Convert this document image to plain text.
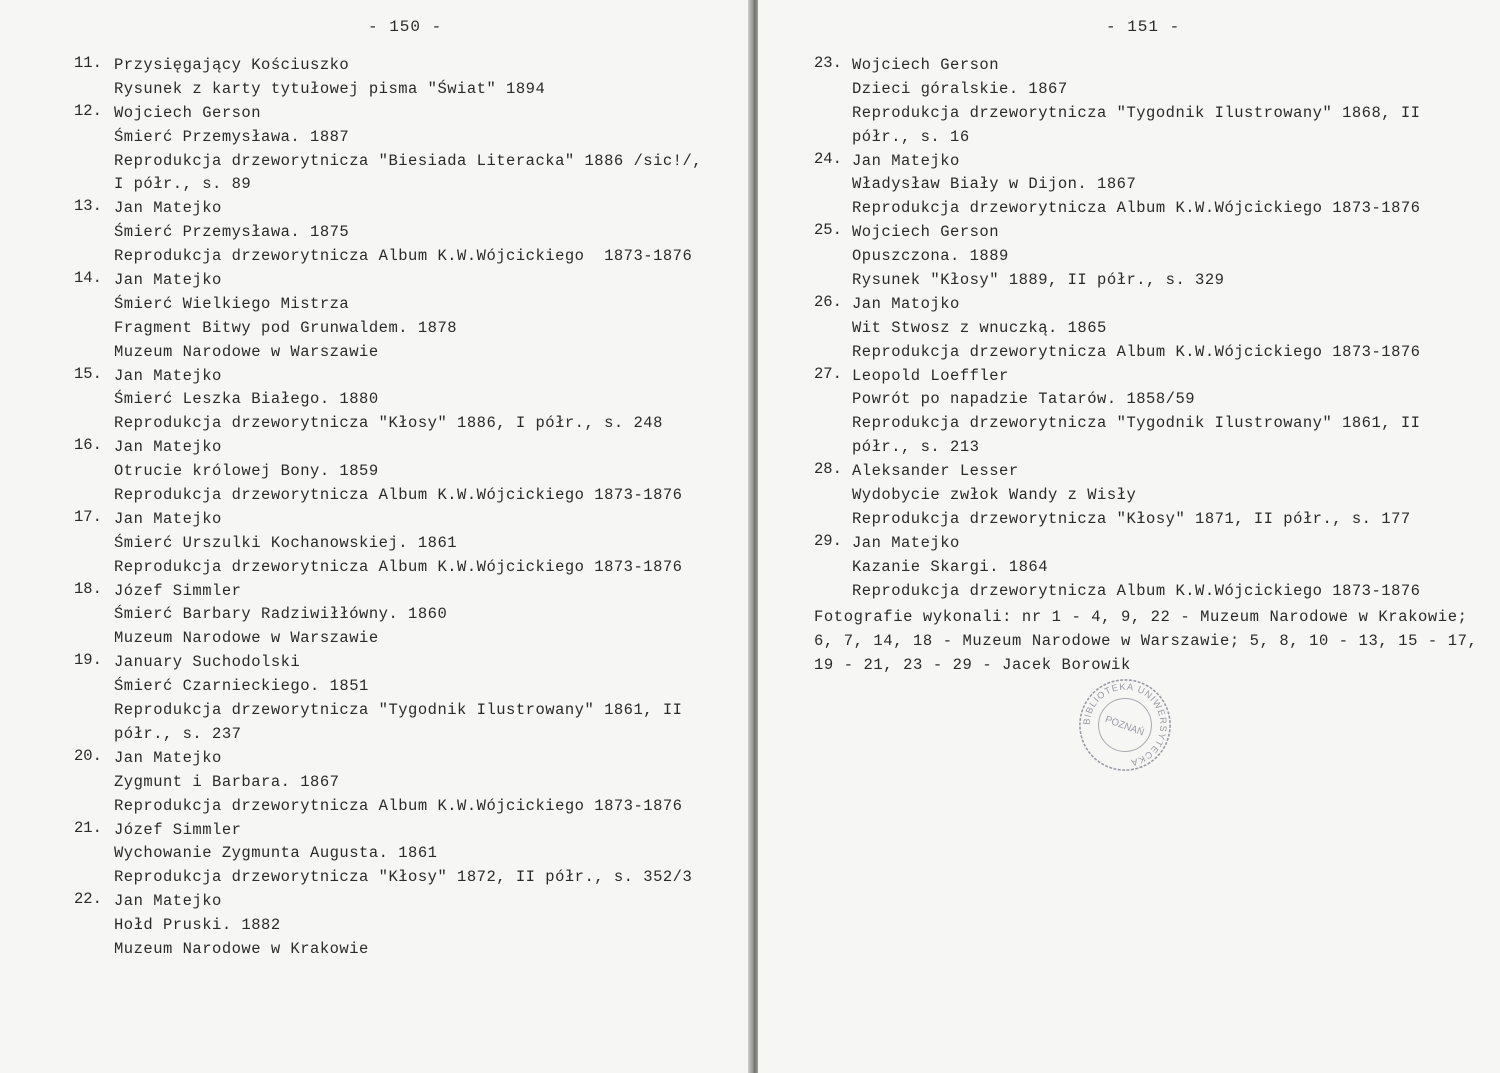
- 150 -
11. Przysięgający Kościuszko
Rysunek z karty tytułowej pisma "Świat" 1894
12. Wojciech Gerson
Śmierć Przemysława. 1887
Reprodukcja drzeworytnicza "Biesiada Literacka" 1886 /sic!/,
I półr., s. 89
13. Jan Matejko
Śmierć Przemysława. 1875
Reprodukcja drzeworytnicza Album K.W.Wójcickiego  1873-1876
14. Jan Matejko
Śmierć Wielkiego Mistrza
Fragment Bitwy pod Grunwaldem. 1878
Muzeum Narodowe w Warszawie
15. Jan Matejko
Śmierć Leszka Białego. 1880
Reprodukcja drzeworytnicza "Kłosy" 1886, I półr., s. 248
16. Jan Matejko
Otrucie królowej Bony. 1859
Reprodukcja drzeworytnicza Album K.W.Wójcickiego 1873-1876
17. Jan Matejko
Śmierć Urszulki Kochanowskiej. 1861
Reprodukcja drzeworytnicza Album K.W.Wójcickiego 1873-1876
18. Józef Simmler
Śmierć Barbary Radziwiłłówny. 1860
Muzeum Narodowe w Warszawie
19. January Suchodolski
Śmierć Czarnieckiego. 1851
Reprodukcja drzeworytnicza "Tygodnik Ilustrowany" 1861, II
półr., s. 237
20. Jan Matejko
Zygmunt i Barbara. 1867
Reprodukcja drzeworytnicza Album K.W.Wójcickiego 1873-1876
21. Józef Simmler
Wychowanie Zygmunta Augusta. 1861
Reprodukcja drzeworytnicza "Kłosy" 1872, II półr., s. 352/3
22. Jan Matejko
Hołd Pruski. 1882
Muzeum Narodowe w Krakowie
- 151 -
23. Wojciech Gerson
Dzieci góralskie. 1867
Reprodukcja drzeworytnicza "Tygodnik Ilustrowany" 1868, II
półr., s. 16
24. Jan Matejko
Władysław Biały w Dijon. 1867
Reprodukcja drzeworytnicza Album K.W.Wójcickiego 1873-1876
25. Wojciech Gerson
Opuszczona. 1889
Rysunek "Kłosy" 1889, II półr., s. 329
26. Jan Matojko
Wit Stwosz z wnuczką. 1865
Reprodukcja drzeworytnicza Album K.W.Wójcickiego 1873-1876
27. Leopold Loeffler
Powrót po napadzie Tatarów. 1858/59
Reprodukcja drzeworytnicza "Tygodnik Ilustrowany" 1861, II
półr., s. 213
28. Aleksander Lesser
Wydobycie zwłok Wandy z Wisły
Reprodukcja drzeworytnicza "Kłosy" 1871, II półr., s. 177
29. Jan Matejko
Kazanie Skargi. 1864
Reprodukcja drzeworytnicza Album K.W.Wójcickiego 1873-1876
Fotografie wykonali: nr 1 - 4, 9, 22 - Muzeum Narodowe w Krakowie;
6, 7, 14, 18 - Muzeum Narodowe w Warszawie; 5, 8, 10 - 13, 15 - 17,
19 - 21, 23 - 29 - Jacek Borowik
BIBLIOTEKA UNIWERSYTECKA
POZNAŃ
